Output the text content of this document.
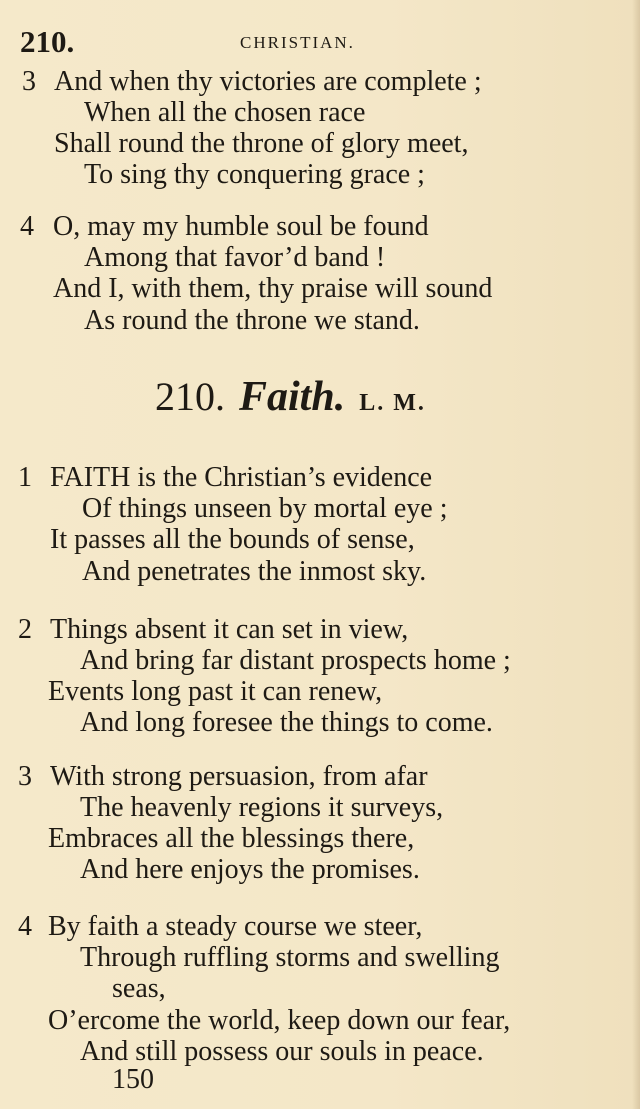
210.	CHRISTIAN.
3 And when thy victories are complete ;
When all the chosen race
Shall round the throne of glory meet,
To sing thy conquering grace ;
4 O, may my humble soul be found
Among that favor’d band !
And I, with them, thy praise will sound
As round the throne we stand.
210. Faith. L. M.
1 FAITH is the Christian’s evidence
Of things unseen by mortal eye ;
It passes all the bounds of sense,
And penetrates the inmost sky.
2 Things absent it can set in view,
And bring far distant prospects home ;
Events long past it can renew,
And long foresee the things to come.
3 With strong persuasion, from afar
The heavenly regions it surveys,
Embraces all the blessings there,
And here enjoys the promises.
4 By faith a steady course we steer,
Through ruffling storms and swelling
seas,
O’ercome the world, keep down our fear,
And still possess our souls in peace.
150
